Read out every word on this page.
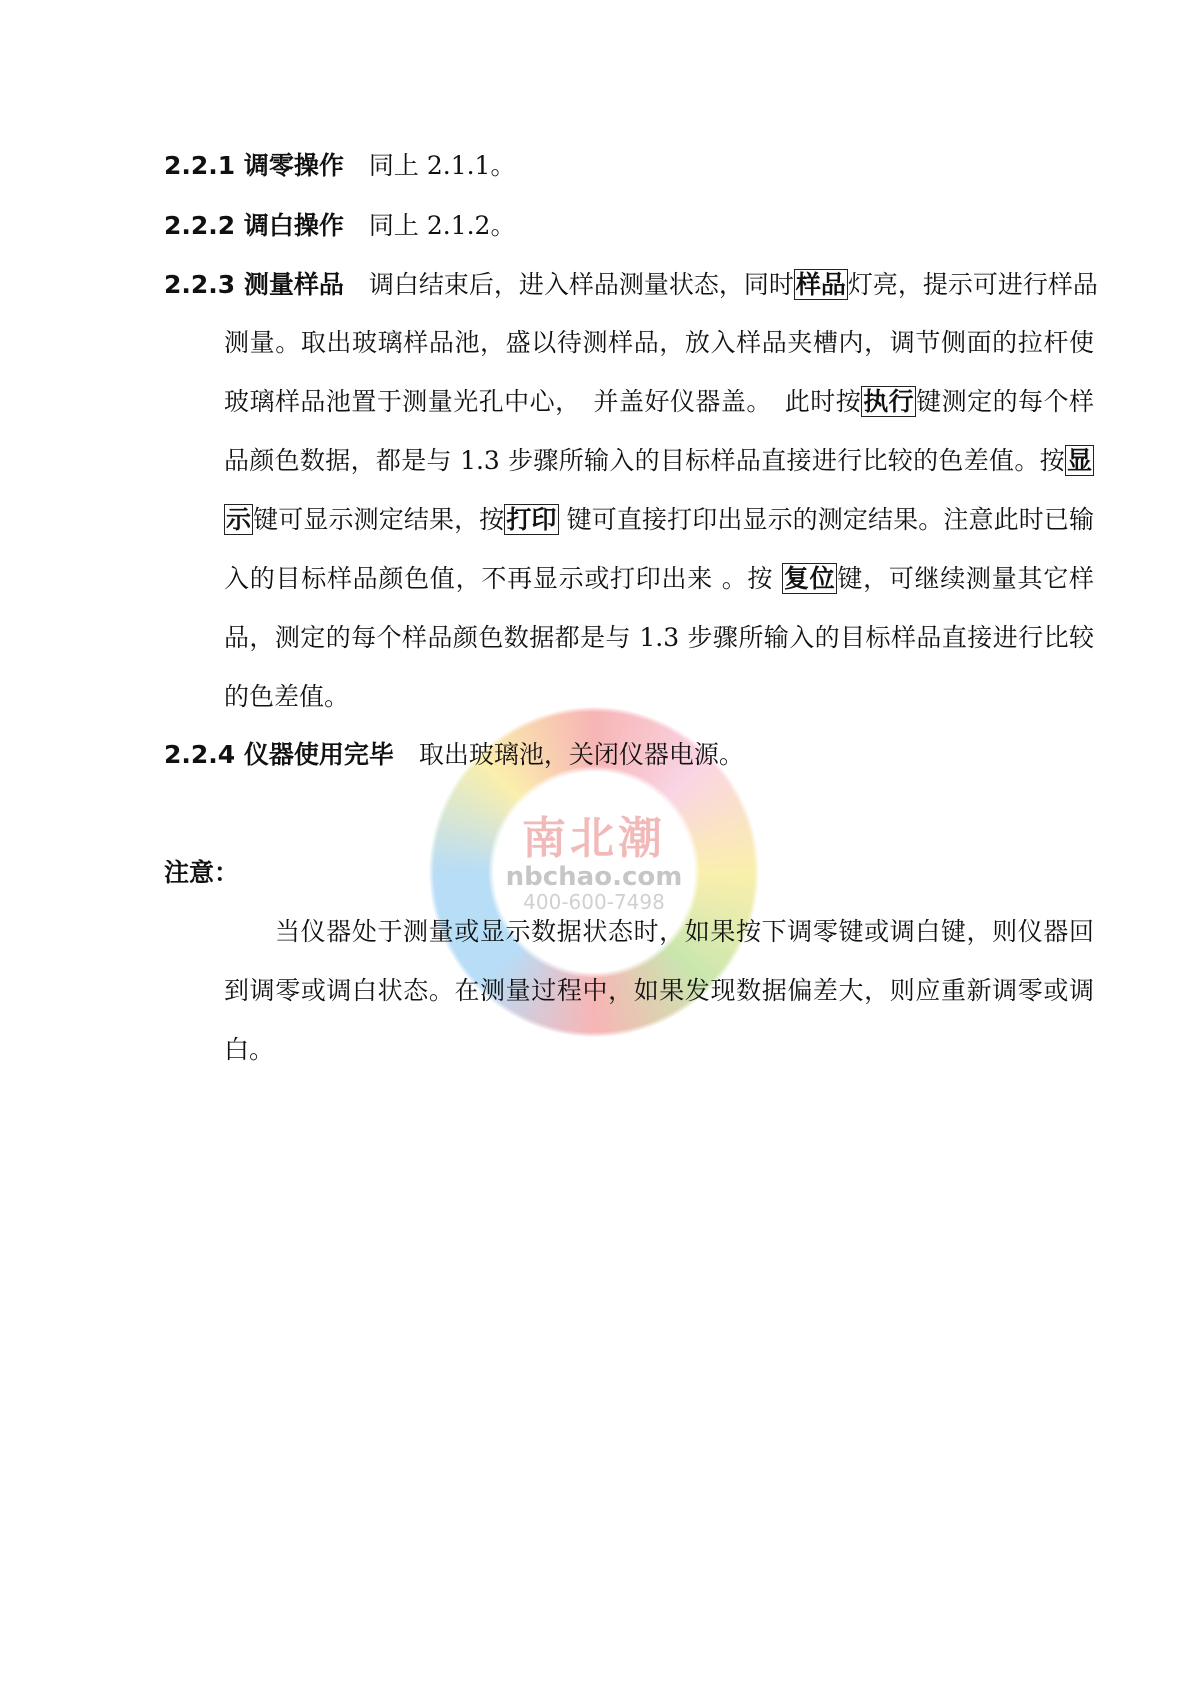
南北潮
nbchao.com
400-600-7498
2.2.1 调零操作　同上 2.1.1。
2.2.2 调白操作　同上 2.1.2。
2.2.3 测量样品　调白结束后，进入样品测量状态，同时样品灯亮，提示可进行样品
测量。取出玻璃样品池，盛以待测样品，放入样品夹槽内，调节侧面的拉杆使
玻璃样品池置于测量光孔中心，　并盖好仪器盖。　此时按执行键测定的每个样
品颜色数据，都是与 1.3 步骤所输入的目标样品直接进行比较的色差值。按显
示键可显示测定结果，按打印 键可直接打印出显示的测定结果。注意此时已输
入的目标样品颜色值，不再显示或打印出来 。按 复位键，可继续测量其它样
品，测定的每个样品颜色数据都是与 1.3 步骤所输入的目标样品直接进行比较
的色差值。
2.2.4 仪器使用完毕　取出玻璃池，关闭仪器电源。
注意：
当仪器处于测量或显示数据状态时，如果按下调零键或调白键，则仪器回
到调零或调白状态。在测量过程中，如果发现数据偏差大，则应重新调零或调
白。
